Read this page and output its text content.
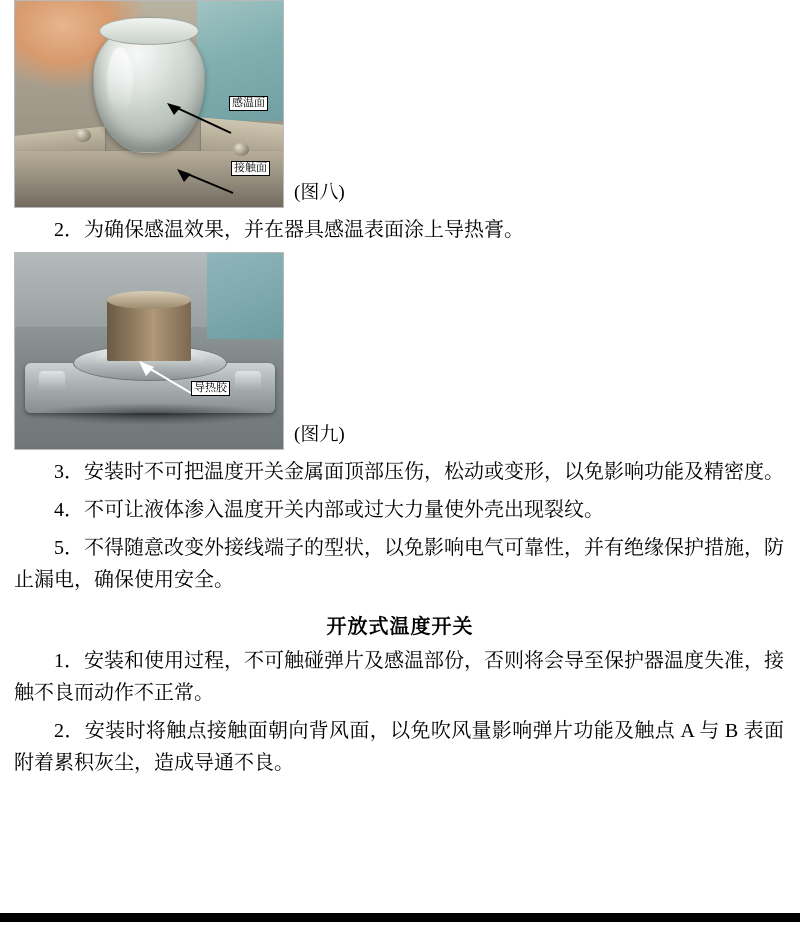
感温面
接触面
(图八)

2．为确保感温效果，并在器具感温表面涂上导热膏。

导热胶
(图九)

3．安装时不可把温度开关金属面顶部压伤，松动或变形，以免影响功能及精密度。

4．不可让液体渗入温度开关内部或过大力量使外壳出现裂纹。

5．不得随意改变外接线端子的型状，以免影响电气可靠性，并有绝缘保护措施，防止漏电，确保使用安全。

开放式温度开关

1．安装和使用过程，不可触碰弹片及感温部份，否则将会导至保护器温度失准，接触不良而动作不正常。

2．安装时将触点接触面朝向背风面，以免吹风量影响弹片功能及触点 A 与 B 表面附着累积灰尘，造成导通不良。
